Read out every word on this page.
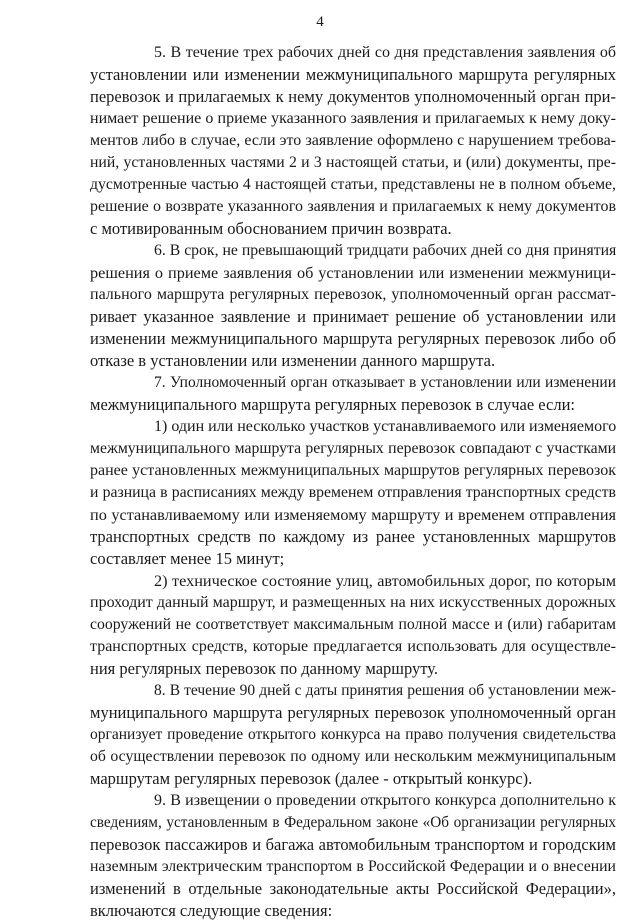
4
5. В течение трех рабочих дней со дня представления заявления об
установлении или изменении межмуниципального маршрута регулярных
перевозок и прилагаемых к нему документов уполномоченный орган при-
нимает решение о приеме указанного заявления и прилагаемых к нему доку-
ментов либо в случае, если это заявление оформлено с нарушением требова-
ний, установленных частями 2 и 3 настоящей статьи, и (или) документы, пре-
дусмотренные частью 4 настоящей статьи, представлены не в полном объеме,
решение о возврате указанного заявления и прилагаемых к нему документов
с мотивированным обоснованием причин возврата.
6. В срок, не превышающий тридцати рабочих дней со дня принятия
решения о приеме заявления об установлении или изменении межмуници-
пального маршрута регулярных перевозок, уполномоченный орган рассмат-
ривает указанное заявление и принимает решение об установлении или
изменении межмуниципального маршрута регулярных перевозок либо об
отказе в установлении или изменении данного маршрута.
7. Уполномоченный орган отказывает в установлении или изменении
межмуниципального маршрута регулярных перевозок в случае если:
1) один или несколько участков устанавливаемого или изменяемого
межмуниципального маршрута регулярных перевозок совпадают с участками
ранее установленных межмуниципальных маршрутов регулярных перевозок
и разница в расписаниях между временем отправления транспортных средств
по устанавливаемому или изменяемому маршруту и временем отправления
транспортных средств по каждому из ранее установленных маршрутов
составляет менее 15 минут;
2) техническое состояние улиц, автомобильных дорог, по которым
проходит данный маршрут, и размещенных на них искусственных дорожных
сооружений не соответствует максимальным полной массе и (или) габаритам
транспортных средств, которые предлагается использовать для осуществле-
ния регулярных перевозок по данному маршруту.
8. В течение 90 дней с даты принятия решения об установлении меж-
муниципального маршрута регулярных перевозок уполномоченный орган
организует проведение открытого конкурса на право получения свидетельства
об осуществлении перевозок по одному или нескольким межмуниципальным
маршрутам регулярных перевозок (далее - открытый конкурс).
9. В извещении о проведении открытого конкурса дополнительно к
сведениям, установленным в Федеральном законе «Об организации регулярных
перевозок пассажиров и багажа автомобильным транспортом и городским
наземным электрическим транспортом в Российской Федерации и о внесении
изменений в отдельные законодательные акты Российской Федерации»,
включаются следующие сведения:
